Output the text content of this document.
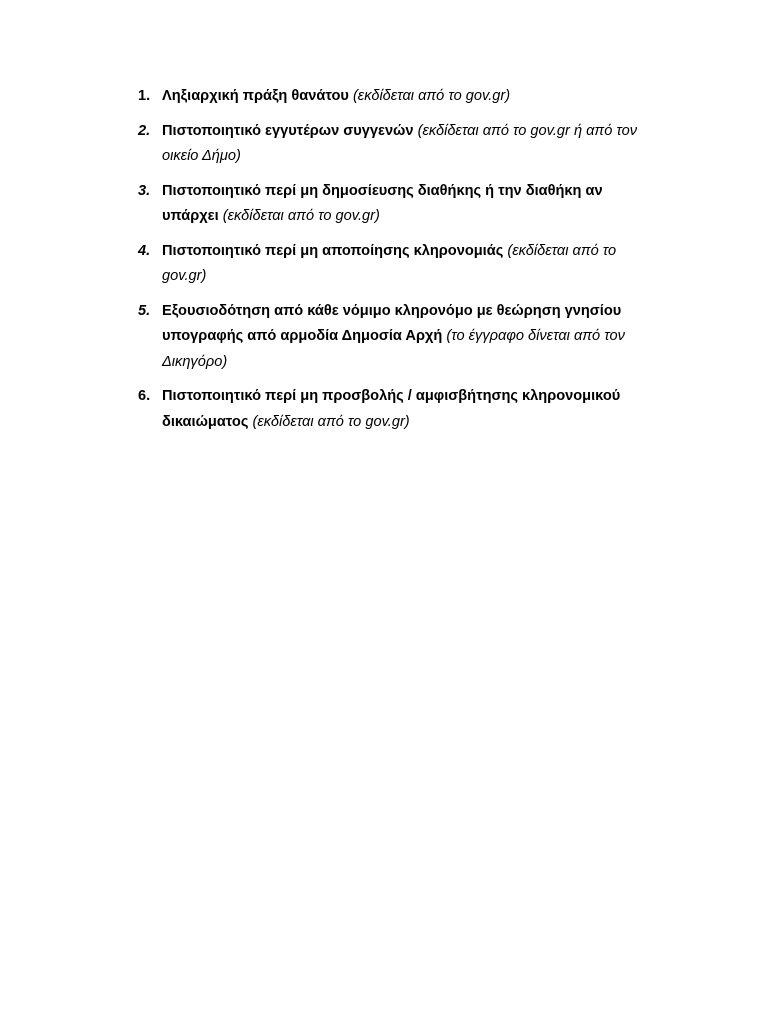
1. Ληξιαρχική πράξη θανάτου (εκδίδεται από το gov.gr)
2. Πιστοποιητικό εγγυτέρων συγγενών (εκδίδεται από το gov.gr ή από τον οικείο Δήμο)
3. Πιστοποιητικό περί μη δημοσίευσης διαθήκης ή την διαθήκη αν υπάρχει (εκδίδεται από το gov.gr)
4. Πιστοποιητικό περί μη αποποίησης κληρονομιάς (εκδίδεται από το gov.gr)
5. Εξουσιοδότηση από κάθε νόμιμο κληρονόμο με θεώρηση γνησίου υπογραφής από αρμοδία Δημοσία Αρχή (το έγγραφο δίνεται από τον Δικηγόρο)
6. Πιστοποιητικό περί μη προσβολής / αμφισβήτησης κληρονομικού δικαιώματος (εκδίδεται από το gov.gr)
